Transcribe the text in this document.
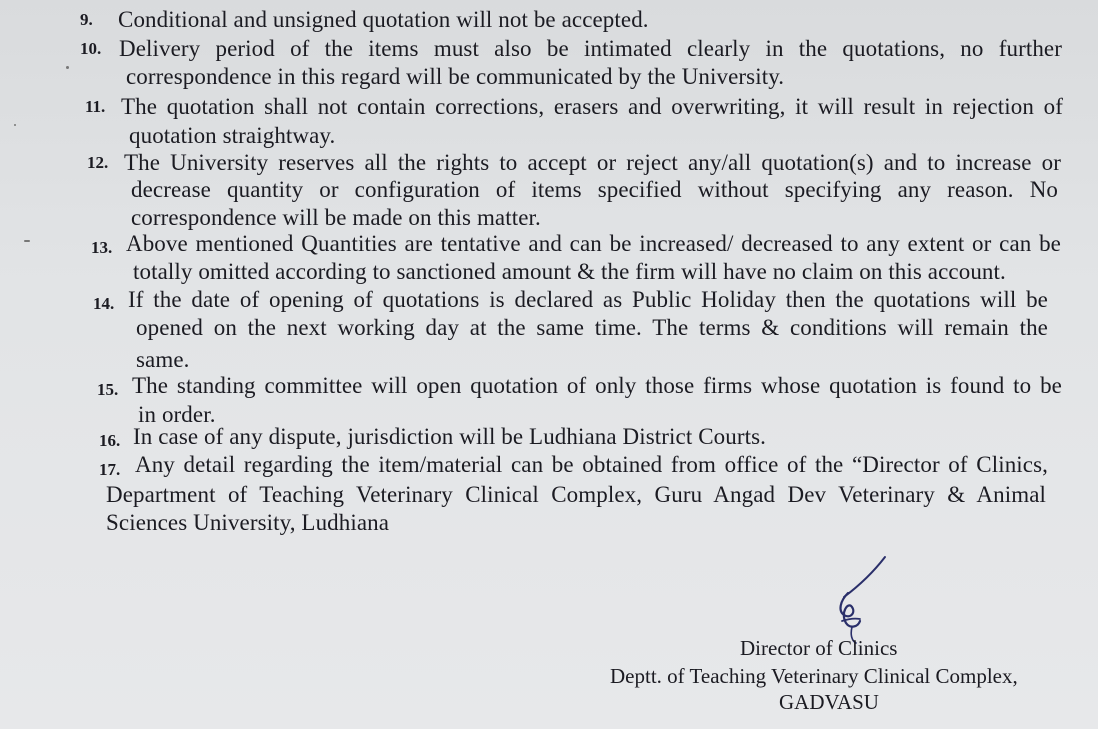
9. Conditional and unsigned quotation will not be accepted.
10. Delivery period of the items must also be intimated clearly in the quotations, no further
correspondence in this regard will be communicated by the University.
11. The quotation shall not contain corrections, erasers and overwriting, it will result in rejection of
quotation straightway.
12. The University reserves all the rights to accept or reject any/all quotation(s) and to increase or
decrease quantity or configuration of items specified without specifying any reason. No
correspondence will be made on this matter.
13. Above mentioned Quantities are tentative and can be increased/ decreased to any extent or can be
totally omitted according to sanctioned amount & the firm will have no claim on this account.
14. If the date of opening of quotations is declared as Public Holiday then the quotations will be
opened on the next working day at the same time. The terms & conditions will remain the
same.
15. The standing committee will open quotation of only those firms whose quotation is found to be
in order.
16. In case of any dispute, jurisdiction will be Ludhiana District Courts.
17. Any detail regarding the item/material can be obtained from office of the “Director of Clinics,
Department of Teaching Veterinary Clinical Complex, Guru Angad Dev Veterinary & Animal
Sciences University, Ludhiana
Director of Clinics
Deptt. of Teaching Veterinary Clinical Complex,
GADVASU
